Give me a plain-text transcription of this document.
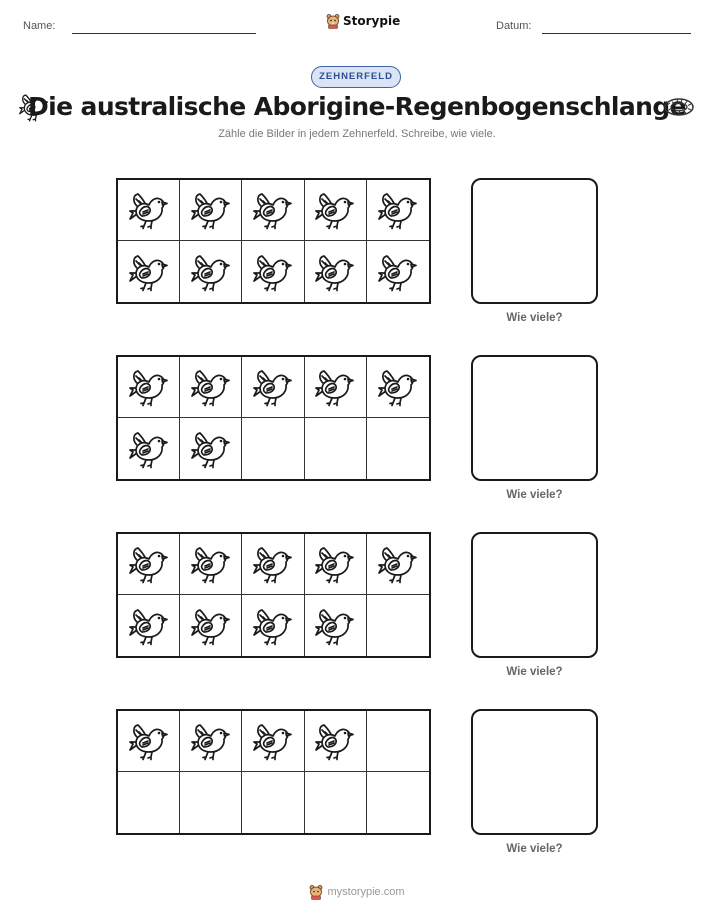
Name:	Storypie	Datum:
ZEHNERFELD
Die australische Aborigine-Regenbogenschlange
Zähle die Bilder in jedem Zehnerfeld. Schreibe, wie viele.
Wie viele?
Wie viele?
Wie viele?
Wie viele?
mystorypie.com
